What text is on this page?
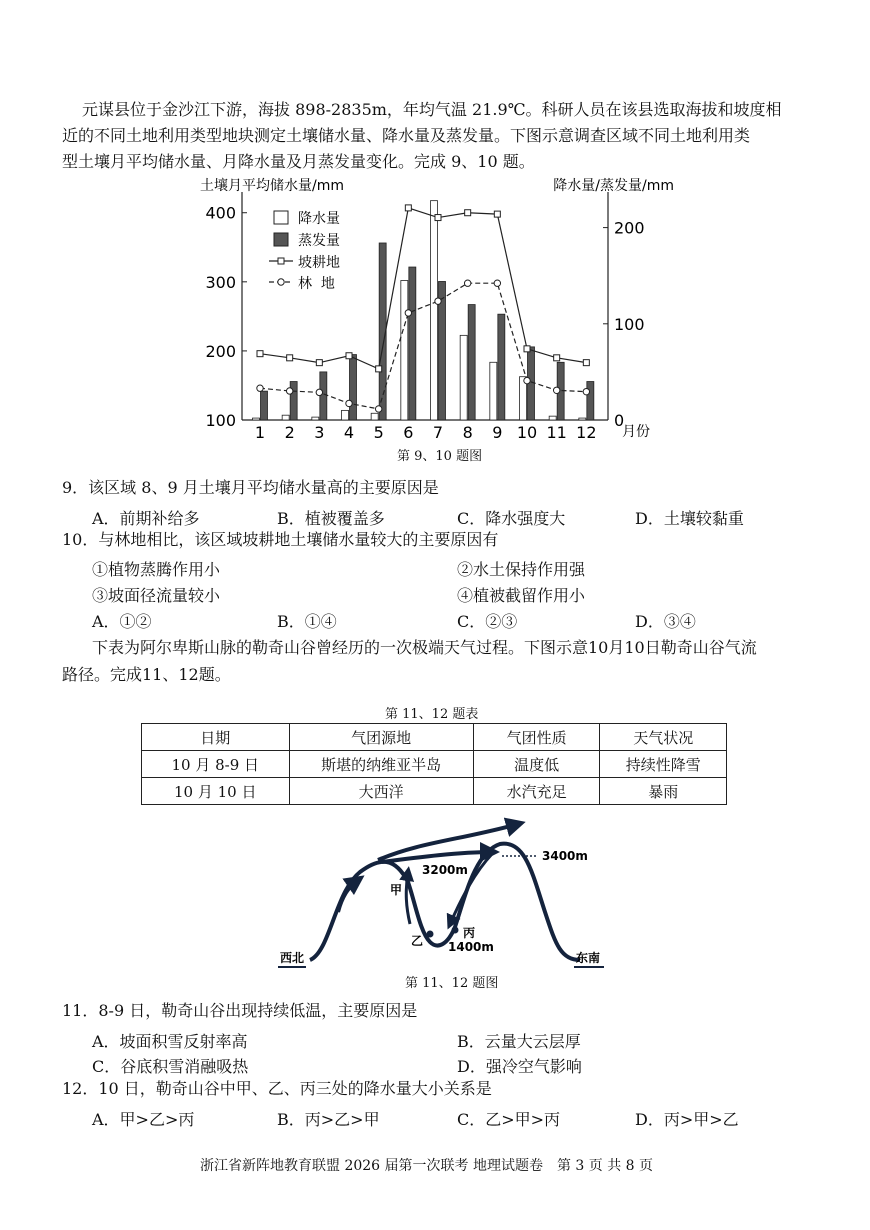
元谋县位于金沙江下游，海拔 898-2835m，年均气温 21.9℃。科研人员在该县选取海拔和坡度相
近的不同土地利用类型地块测定土壤储水量、降水量及蒸发量。下图示意调查区域不同土地利用类
型土壤月平均储水量、月降水量及月蒸发量变化。完成 9、10 题。
土壤月平均储水量/mm	降水量/蒸发量/mm
月份
100
200
300
400
0
100
200
1 2 3 4 5 6 7 8 9 10 11 12
降水量
蒸发量
坡耕地
林  地
第 9、10 题图
9．该区域 8、9 月土壤月平均储水量高的主要原因是
A．前期补给多	B．植被覆盖多	C．降水强度大	D．土壤较黏重
10．与林地相比，该区域坡耕地土壤储水量较大的主要原因有
①植物蒸腾作用小	②水土保持作用强
③坡面径流量较小	④植被截留作用小
A．①②	B．①④	C．②③	D．③④
下表为阿尔卑斯山脉的勒奇山谷曾经历的一次极端天气过程。下图示意10月10日勒奇山谷气流
路径。完成11、12题。
第 11、12 题表
日期	气团源地	气团性质	天气状况
10 月 8-9 日	斯堪的纳维亚半岛	温度低	持续性降雪
10 月 10 日	大西洋	水汽充足	暴雨
3400m
3200m
1400m
甲
乙
丙
西北	东南
第 11、12 题图
11．8-9 日，勒奇山谷出现持续低温，主要原因是
A．坡面积雪反射率高	B．云量大云层厚
C．谷底积雪消融吸热	D．强冷空气影响
12．10 日，勒奇山谷中甲、乙、丙三处的降水量大小关系是
A．甲>乙>丙	B．丙>乙>甲	C．乙>甲>丙	D．丙>甲>乙
浙江省新阵地教育联盟 2026 届第一次联考 地理试题卷　第 3 页 共 8 页
